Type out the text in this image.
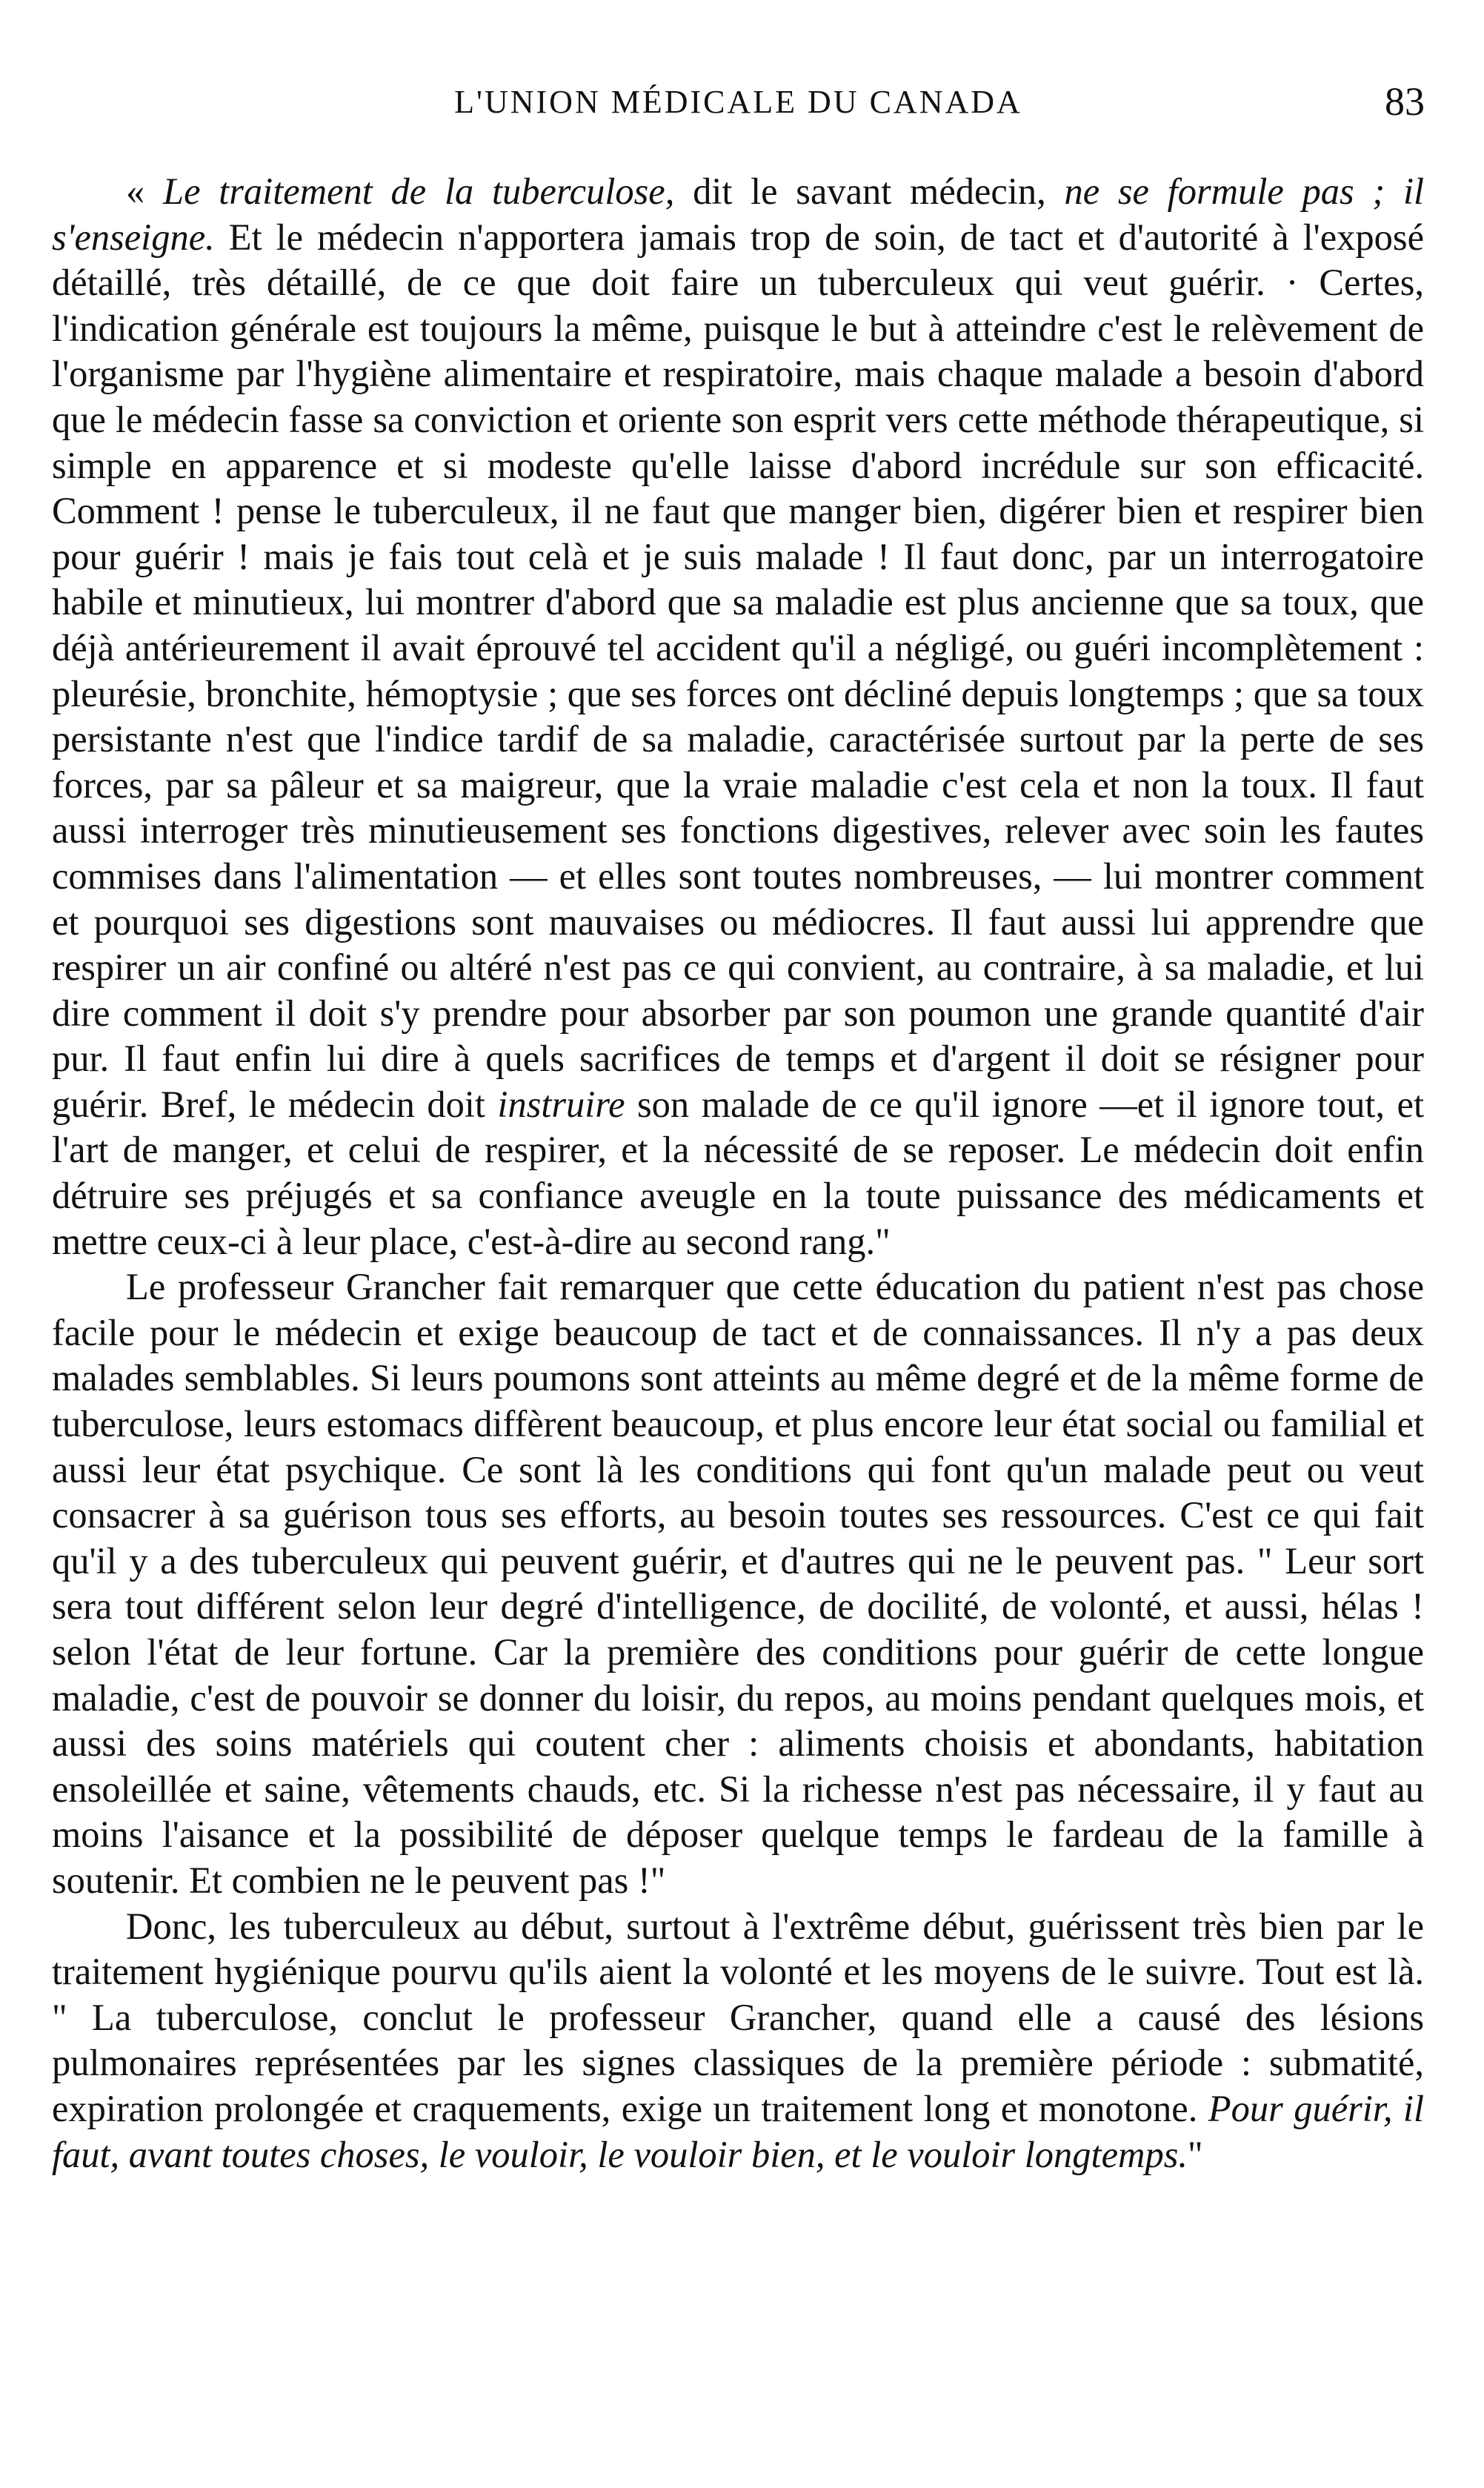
L'UNION MÉDICALE DU CANADA	83

« Le traitement de la tuberculose, dit le savant médecin, ne se formule pas ; il s'enseigne. Et le médecin n'apportera jamais trop de soin, de tact et d'autorité à l'exposé détaillé, très détaillé, de ce que doit faire un tuberculeux qui veut guérir. · Certes, l'indication générale est toujours la même, puisque le but à atteindre c'est le relèvement de l'organisme par l'hygiène alimentaire et respiratoire, mais chaque malade a besoin d'abord que le médecin fasse sa conviction et oriente son esprit vers cette méthode thérapeutique, si simple en apparence et si modeste qu'elle laisse d'abord incrédule sur son efficacité. Comment ! pense le tuberculeux, il ne faut que manger bien, digérer bien et respirer bien pour guérir ! mais je fais tout celà et je suis malade ! Il faut donc, par un interrogatoire habile et minutieux, lui montrer d'abord que sa maladie est plus ancienne que sa toux, que déjà antérieurement il avait éprouvé tel accident qu'il a négligé, ou guéri incomplètement : pleurésie, bronchite, hémoptysie ; que ses forces ont décliné depuis longtemps ; que sa toux persistante n'est que l'indice tardif de sa maladie, caractérisée surtout par la perte de ses forces, par sa pâleur et sa maigreur, que la vraie maladie c'est cela et non la toux. Il faut aussi interroger très minutieusement ses fonctions digestives, relever avec soin les fautes commises dans l'alimentation — et elles sont toutes nombreuses, — lui montrer comment et pourquoi ses digestions sont mauvaises ou médiocres. Il faut aussi lui apprendre que respirer un air confiné ou altéré n'est pas ce qui convient, au contraire, à sa maladie, et lui dire comment il doit s'y prendre pour absorber par son poumon une grande quantité d'air pur. Il faut enfin lui dire à quels sacrifices de temps et d'argent il doit se résigner pour guérir. Bref, le médecin doit instruire son malade de ce qu'il ignore —et il ignore tout, et l'art de manger, et celui de respirer, et la nécessité de se reposer. Le médecin doit enfin détruire ses préjugés et sa confiance aveugle en la toute puissance des médicaments et mettre ceux-ci à leur place, c'est-à-dire au second rang."

Le professeur Grancher fait remarquer que cette éducation du patient n'est pas chose facile pour le médecin et exige beaucoup de tact et de connaissances. Il n'y a pas deux malades semblables. Si leurs poumons sont atteints au même degré et de la même forme de tuberculose, leurs estomacs diffèrent beaucoup, et plus encore leur état social ou familial et aussi leur état psychique. Ce sont là les conditions qui font qu'un malade peut ou veut consacrer à sa guérison tous ses efforts, au besoin toutes ses ressources. C'est ce qui fait qu'il y a des tuberculeux qui peuvent guérir, et d'autres qui ne le peuvent pas. " Leur sort sera tout différent selon leur degré d'intelligence, de docilité, de volonté, et aussi, hélas ! selon l'état de leur fortune. Car la première des conditions pour guérir de cette longue maladie, c'est de pouvoir se donner du loisir, du repos, au moins pendant quelques mois, et aussi des soins matériels qui coutent cher : aliments choisis et abondants, habitation ensoleillée et saine, vêtements chauds, etc. Si la richesse n'est pas nécessaire, il y faut au moins l'aisance et la possibilité de déposer quelque temps le fardeau de la famille à soutenir. Et combien ne le peuvent pas !"

Donc, les tuberculeux au début, surtout à l'extrême début, guérissent très bien par le traitement hygiénique pourvu qu'ils aient la volonté et les moyens de le suivre. Tout est là. " La tuberculose, conclut le professeur Grancher, quand elle a causé des lésions pulmonaires représentées par les signes classiques de la première période : submatité, expiration prolongée et craquements, exige un traitement long et monotone. Pour guérir, il faut, avant toutes choses, le vouloir, le vouloir bien, et le vouloir longtemps."
